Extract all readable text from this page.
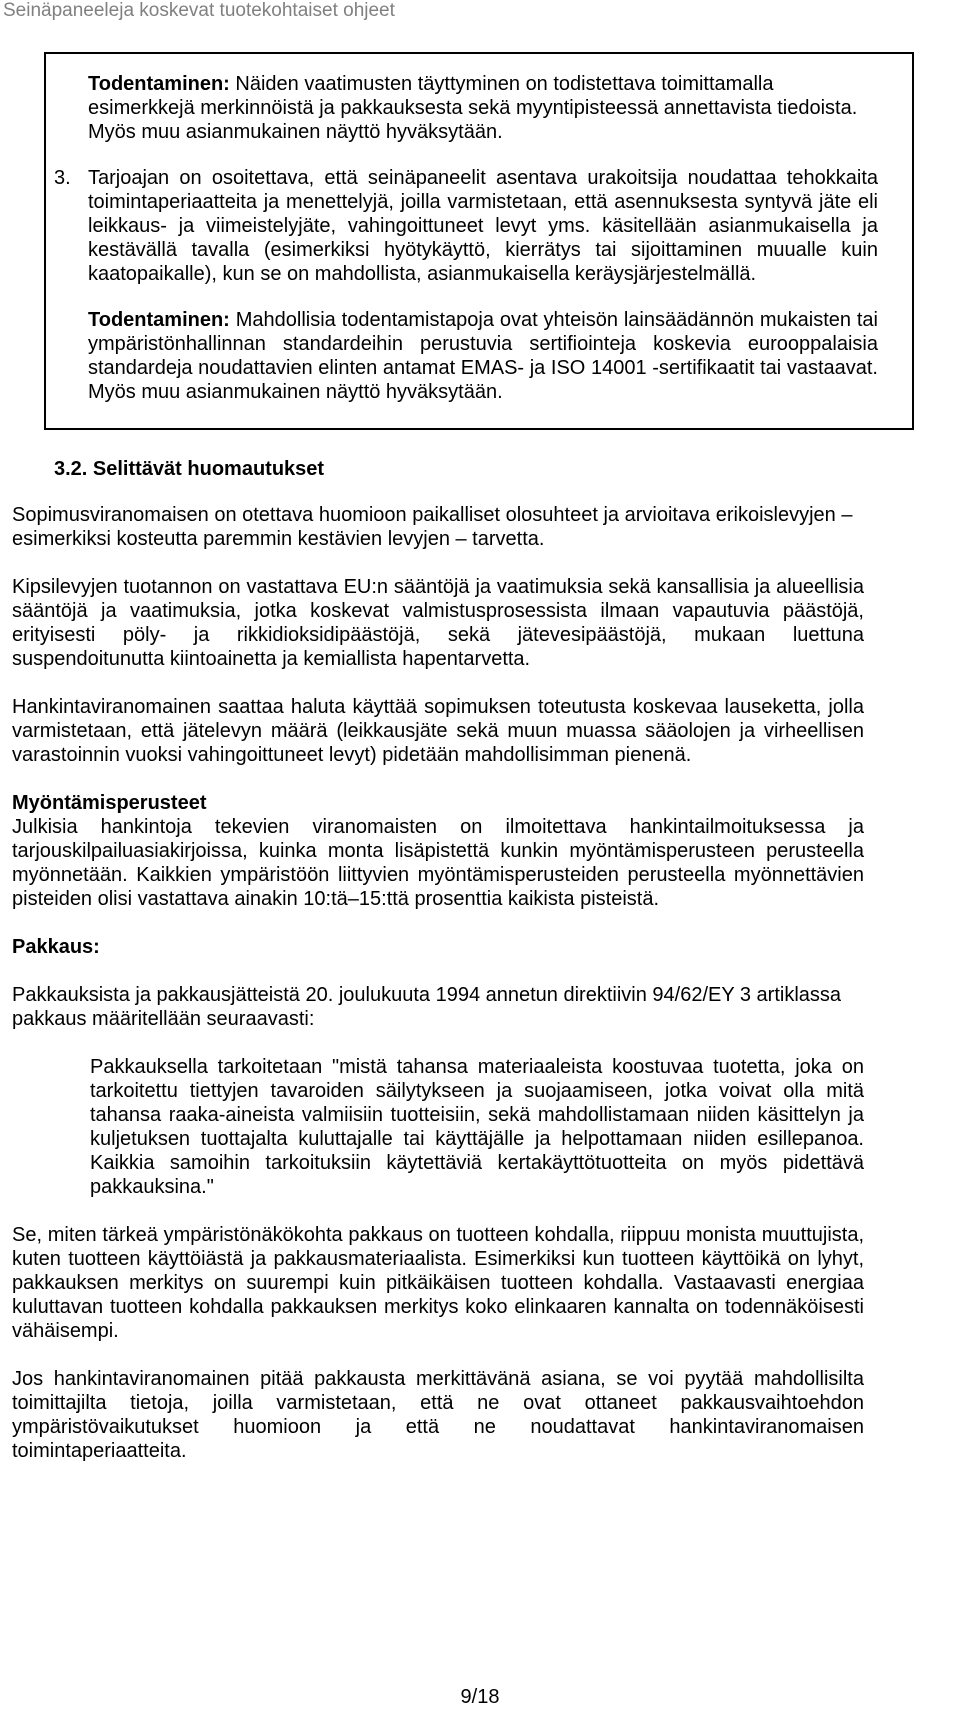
Seinäpaneeleja koskevat tuotekohtaiset ohjeet

Todentaminen: Näiden vaatimusten täyttyminen on todistettava toimittamalla esimerkkejä merkinnöistä ja pakkauksesta sekä myyntipisteessä annettavista tiedoista. Myös muu asianmukainen näyttö hyväksytään.

3. Tarjoajan on osoitettava, että seinäpaneelit asentava urakoitsija noudattaa tehokkaita toimintaperiaatteita ja menettelyjä, joilla varmistetaan, että asennuksesta syntyvä jäte eli leikkaus- ja viimeistelyjäte, vahingoittuneet levyt yms. käsitellään asianmukaisella ja kestävällä tavalla (esimerkiksi hyötykäyttö, kierrätys tai sijoittaminen muualle kuin kaatopaikalle), kun se on mahdollista, asianmukaisella keräysjärjestelmällä.

Todentaminen: Mahdollisia todentamistapoja ovat yhteisön lainsäädännön mukaisten tai ympäristönhallinnan standardeihin perustuvia sertifiointeja koskevia eurooppalaisia standardeja noudattavien elinten antamat EMAS- ja ISO 14001 -sertifikaatit tai vastaavat. Myös muu asianmukainen näyttö hyväksytään.

3.2. Selittävät huomautukset

Sopimusviranomaisen on otettava huomioon paikalliset olosuhteet ja arvioitava erikoislevyjen – esimerkiksi kosteutta paremmin kestävien levyjen – tarvetta.

Kipsilevyjen tuotannon on vastattava EU:n sääntöjä ja vaatimuksia sekä kansallisia ja alueellisia sääntöjä ja vaatimuksia, jotka koskevat valmistusprosessista ilmaan vapautuvia päästöjä, erityisesti pöly- ja rikkidioksidipäästöjä, sekä jätevesipäästöjä, mukaan luettuna suspendoitunutta kiintoainetta ja kemiallista hapentarvetta.

Hankintaviranomainen saattaa haluta käyttää sopimuksen toteutusta koskevaa lauseketta, jolla varmistetaan, että jätelevyn määrä (leikkausjäte sekä muun muassa sääolojen ja virheellisen varastoinnin vuoksi vahingoittuneet levyt) pidetään mahdollisimman pienenä.

Myöntämisperusteet

Julkisia hankintoja tekevien viranomaisten on ilmoitettava hankintailmoituksessa ja tarjouskilpailuasiakirjoissa, kuinka monta lisäpistettä kunkin myöntämisperusteen perusteella myönnetään. Kaikkien ympäristöön liittyvien myöntämisperusteiden perusteella myönnettävien pisteiden olisi vastattava ainakin 10:tä–15:ttä prosenttia kaikista pisteistä.

Pakkaus:

Pakkauksista ja pakkausjätteistä 20. joulukuuta 1994 annetun direktiivin 94/62/EY 3 artiklassa pakkaus määritellään seuraavasti:

Pakkauksella tarkoitetaan "mistä tahansa materiaaleista koostuvaa tuotetta, joka on tarkoitettu tiettyjen tavaroiden säilytykseen ja suojaamiseen, jotka voivat olla mitä tahansa raaka-aineista valmiisiin tuotteisiin, sekä mahdollistamaan niiden käsittelyn ja kuljetuksen tuottajalta kuluttajalle tai käyttäjälle ja helpottamaan niiden esillepanoa. Kaikkia samoihin tarkoituksiin käytettäviä kertakäyttötuotteita on myös pidettävä pakkauksina."

Se, miten tärkeä ympäristönäkökohta pakkaus on tuotteen kohdalla, riippuu monista muuttujista, kuten tuotteen käyttöiästä ja pakkausmateriaalista. Esimerkiksi kun tuotteen käyttöikä on lyhyt, pakkauksen merkitys on suurempi kuin pitkäikäisen tuotteen kohdalla. Vastaavasti energiaa kuluttavan tuotteen kohdalla pakkauksen merkitys koko elinkaaren kannalta on todennäköisesti vähäisempi.

Jos hankintaviranomainen pitää pakkausta merkittävänä asiana, se voi pyytää mahdollisilta toimittajilta tietoja, joilla varmistetaan, että ne ovat ottaneet pakkausvaihtoehdon ympäristövaikutukset huomioon ja että ne noudattavat hankintaviranomaisen toimintaperiaatteita.

9/18
